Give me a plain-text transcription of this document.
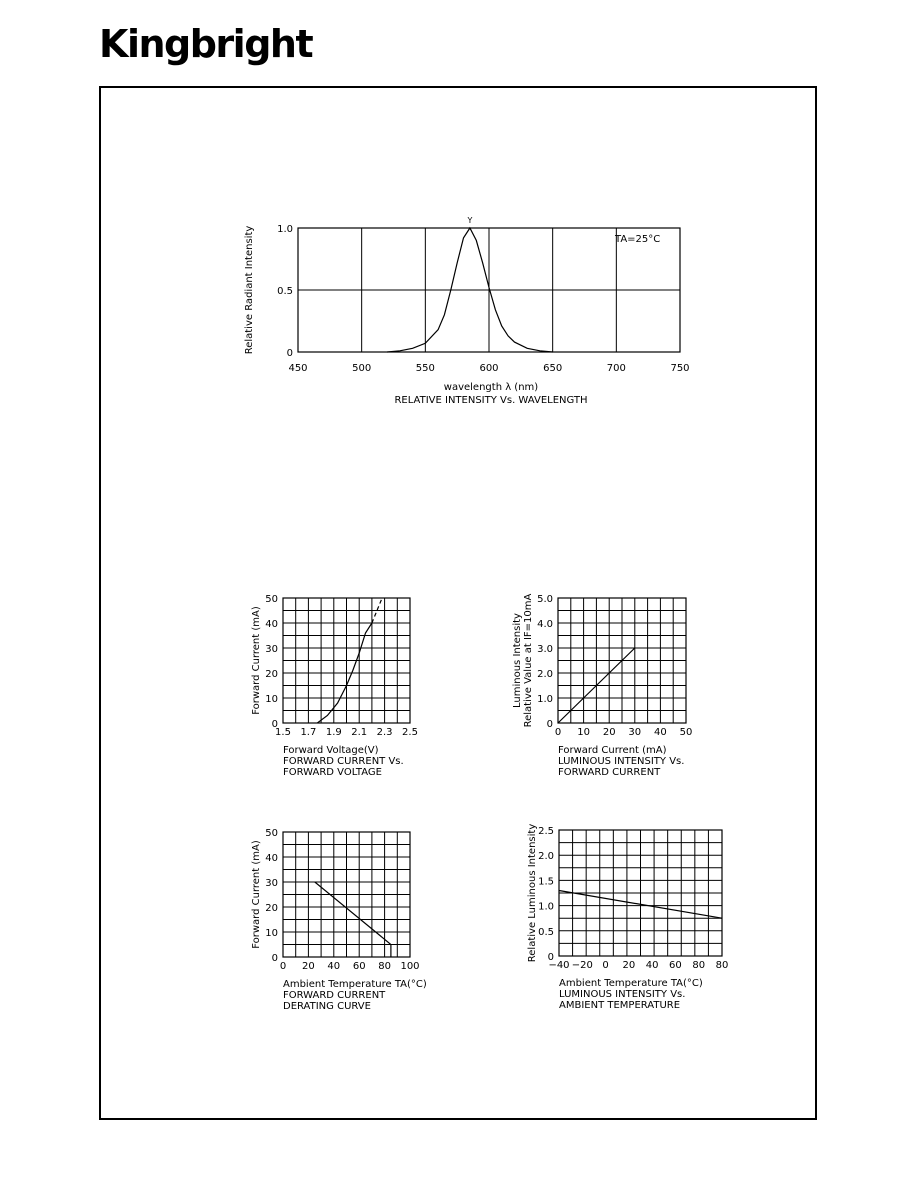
Kingbright
450	500	550	600	650	700	750
0
0.5
1.0
wavelength λ (nm)
RELATIVE INTENSITY Vs. WAVELENGTH
Relative Radiant Intensity	TA=25°C
Y
1.5 1.7 1.9 2.1 2.3 2.5
0
10
20
30
40
50
Forward Voltage(V)
FORWARD CURRENT Vs.
FORWARD VOLTAGE
Forward Current (mA)
0 10 20 30 40 50
0
1.0
2.0
3.0
4.0
5.0
Forward Current (mA)
LUMINOUS INTENSITY Vs.
FORWARD CURRENT
Luminous Intensity Relative Value at IF=10mA
0 20 40 60 80 100
0
10
20
30
40
50
Ambient Temperature TA(°C)
FORWARD CURRENT
DERATING CURVE
Forward Current (mA)
−40 −20 0 20 40 60 80 80
0
0.5
1.0
1.5
2.0
2.5
Ambient Temperature TA(°C)
LUMINOUS INTENSITY Vs.
AMBIENT TEMPERATURE
Relative Luminous Intensity
